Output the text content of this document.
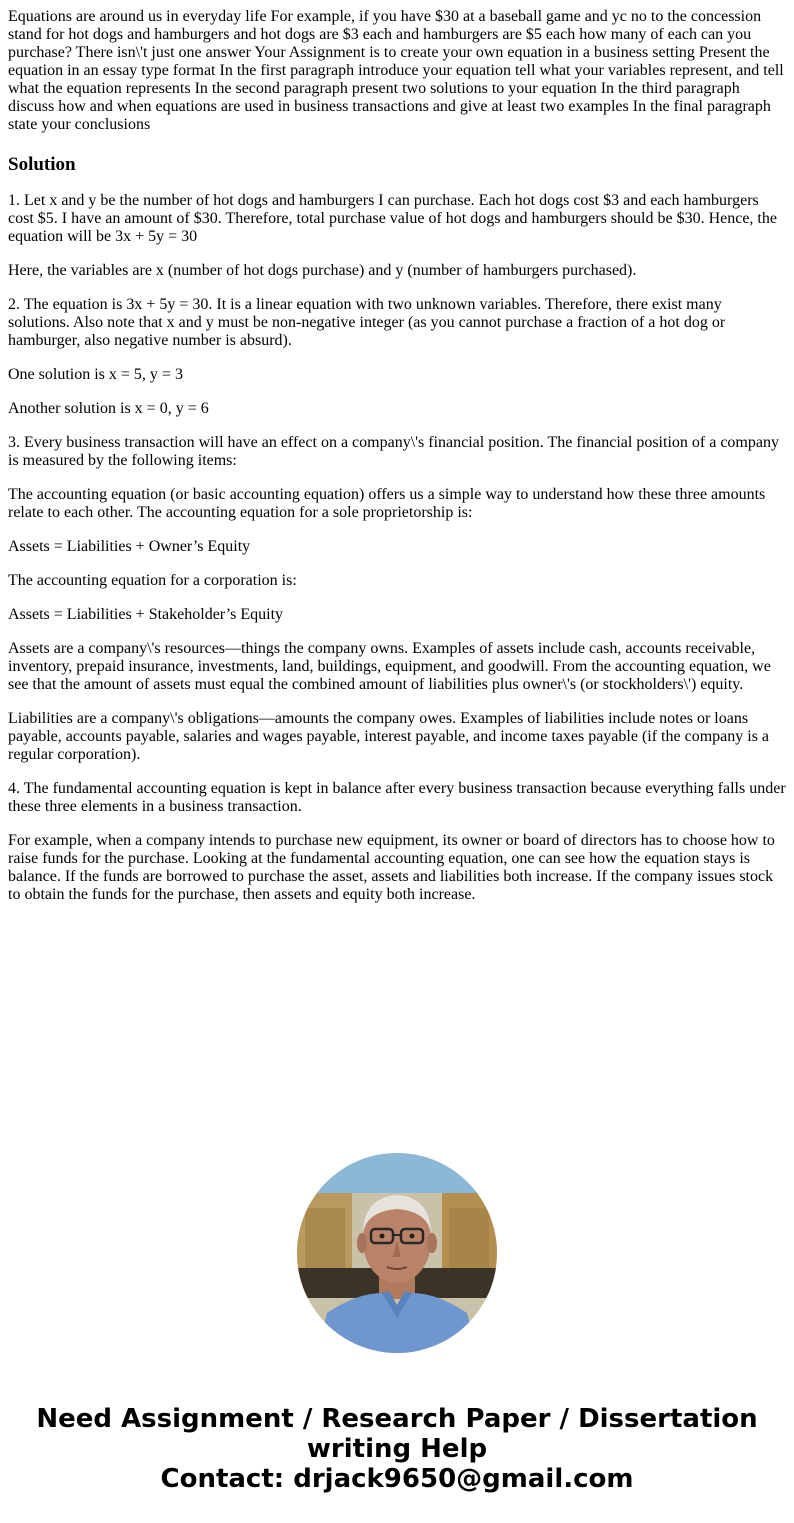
Equations are around us in everyday life For example, if you have $30 at a baseball game and yc no to the concession stand for hot dogs and hamburgers and hot dogs are $3 each and hamburgers are $5 each how many of each can you purchase? There isn\'t just one answer Your Assignment is to create your own equation in a business setting Present the equation in an essay type format In the first paragraph introduce your equation tell what your variables represent, and tell what the equation represents In the second paragraph present two solutions to your equation In the third paragraph discuss how and when equations are used in business transactions and give at least two examples In the final paragraph state your conclusions

Solution

1. Let x and y be the number of hot dogs and hamburgers I can purchase. Each hot dogs cost $3 and each hamburgers cost $5. I have an amount of $30. Therefore, total purchase value of hot dogs and hamburgers should be $30. Hence, the equation will be 3x + 5y = 30

Here, the variables are x (number of hot dogs purchase) and y (number of hamburgers purchased).

2. The equation is 3x + 5y = 30. It is a linear equation with two unknown variables. Therefore, there exist many solutions. Also note that x and y must be non-negative integer (as you cannot purchase a fraction of a hot dog or hamburger, also negative number is absurd).

One solution is x = 5, y = 3

Another solution is x = 0, y = 6

3. Every business transaction will have an effect on a company\'s financial position. The financial position of a company is measured by the following items:

The accounting equation (or basic accounting equation) offers us a simple way to understand how these three amounts relate to each other. The accounting equation for a sole proprietorship is:

Assets = Liabilities + Owner’s Equity

The accounting equation for a corporation is:

Assets = Liabilities + Stakeholder’s Equity

Assets are a company\'s resources—things the company owns. Examples of assets include cash, accounts receivable, inventory, prepaid insurance, investments, land, buildings, equipment, and goodwill. From the accounting equation, we see that the amount of assets must equal the combined amount of liabilities plus owner\'s (or stockholders\') equity.

Liabilities are a company\'s obligations—amounts the company owes. Examples of liabilities include notes or loans payable, accounts payable, salaries and wages payable, interest payable, and income taxes payable (if the company is a regular corporation).

4. The fundamental accounting equation is kept in balance after every business transaction because everything falls under these three elements in a business transaction.

For example, when a company intends to purchase new equipment, its owner or board of directors has to choose how to raise funds for the purchase. Looking at the fundamental accounting equation, one can see how the equation stays is balance. If the funds are borrowed to purchase the asset, assets and liabilities both increase. If the company issues stock to obtain the funds for the purchase, then assets and equity both increase.

Need Assignment / Research Paper / Dissertation
writing Help
Contact: drjack9650@gmail.com
